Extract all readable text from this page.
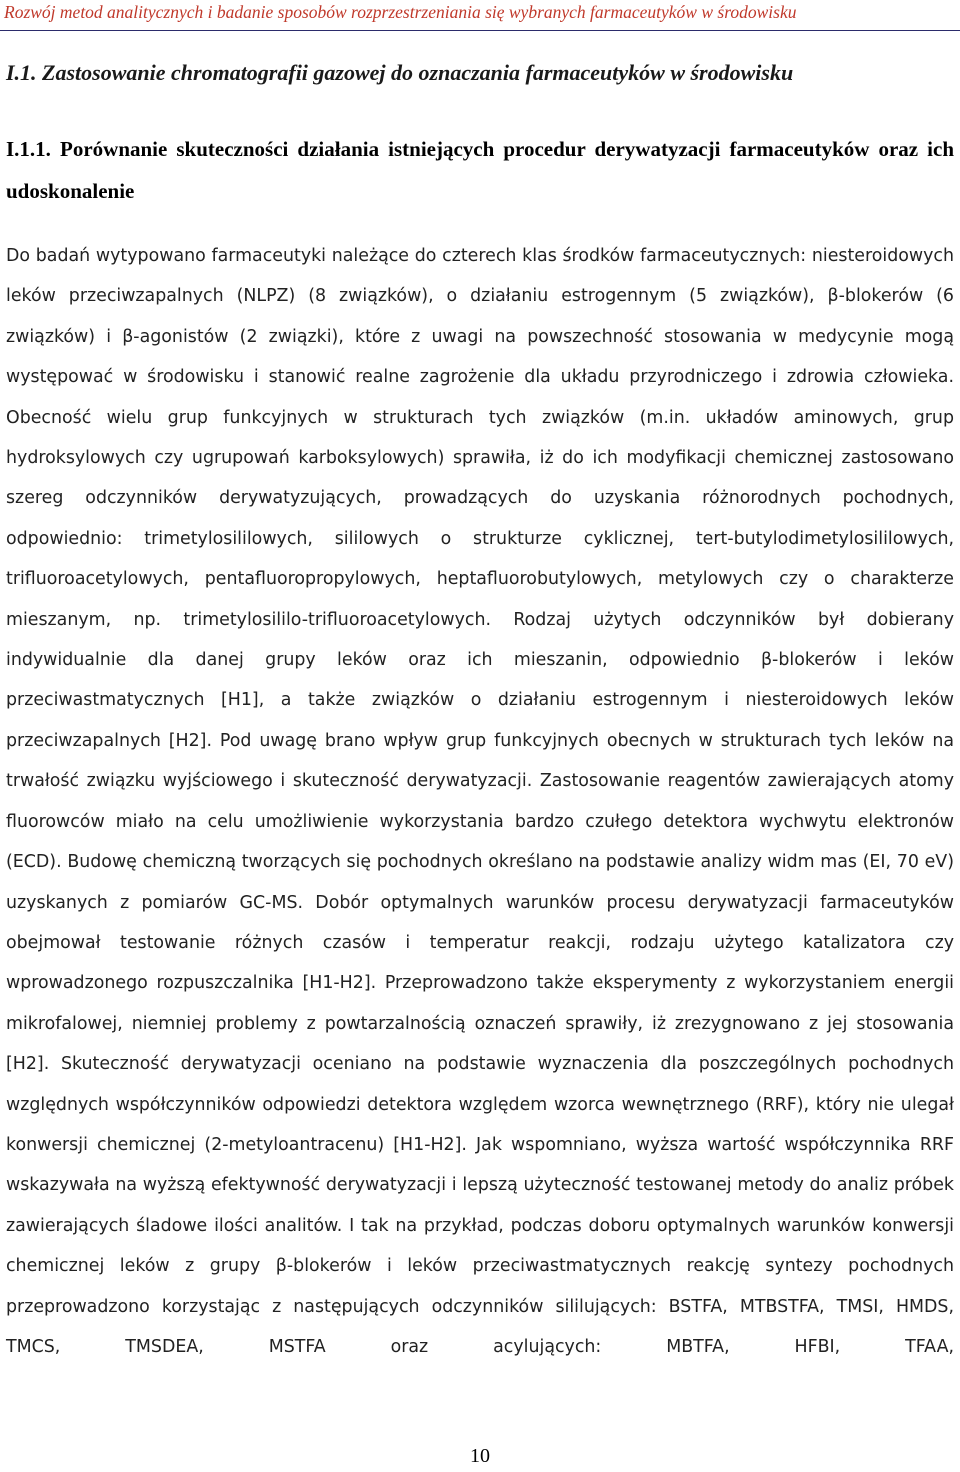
Rozwój metod analitycznych i badanie sposobów rozprzestrzeniania się wybranych farmaceutyków w środowisku
I.1. Zastosowanie chromatografii gazowej do oznaczania farmaceutyków w środowisku
I.1.1. Porównanie skuteczności działania istniejących procedur derywatyzacji farmaceutyków oraz ich udoskonalenie
Do badań wytypowano farmaceutyki należące do czterech klas środków farmaceutycznych: niesteroidowych leków przeciwzapalnych (NLPZ) (8 związków), o działaniu estrogennym (5 związków), β-blokerów (6 związków) i β-agonistów (2 związki), które z uwagi na powszechność stosowania w medycynie mogą występować w środowisku i stanowić realne zagrożenie dla układu przyrodniczego i zdrowia człowieka. Obecność wielu grup funkcyjnych w strukturach tych związków (m.in. układów aminowych, grup hydroksylowych czy ugrupowań karboksylowych) sprawiła, iż do ich modyfikacji chemicznej zastosowano szereg odczynników derywatyzujących, prowadzących do uzyskania różnorodnych pochodnych, odpowiednio: trimetylosililowych, sililowych o strukturze cyklicznej, tert-butylodimetylosililowych, trifluoroacetylowych, pentafluoropropylowych, heptafluorobutylowych, metylowych czy o charakterze mieszanym, np. trimetylosililo-trifluoroacetylowych. Rodzaj użytych odczynników był dobierany indywidualnie dla danej grupy leków oraz ich mieszanin, odpowiednio β-blokerów i leków przeciwastmatycznych [H1], a także związków o działaniu estrogennym i niesteroidowych leków przeciwzapalnych [H2]. Pod uwagę brano wpływ grup funkcyjnych obecnych w strukturach tych leków na trwałość związku wyjściowego i skuteczność derywatyzacji. Zastosowanie reagentów zawierających atomy fluorowców miało na celu umożliwienie wykorzystania bardzo czułego detektora wychwytu elektronów (ECD). Budowę chemiczną tworzących się pochodnych określano na podstawie analizy widm mas (EI, 70 eV) uzyskanych z pomiarów GC-MS. Dobór optymalnych warunków procesu derywatyzacji farmaceutyków obejmował testowanie różnych czasów i temperatur reakcji, rodzaju użytego katalizatora czy wprowadzonego rozpuszczalnika [H1-H2]. Przeprowadzono także eksperymenty z wykorzystaniem energii mikrofalowej, niemniej problemy z powtarzalnością oznaczeń sprawiły, iż zrezygnowano z jej stosowania [H2]. Skuteczność derywatyzacji oceniano na podstawie wyznaczenia dla poszczególnych pochodnych względnych współczynników odpowiedzi detektora względem wzorca wewnętrznego (RRF), który nie ulegał konwersji chemicznej (2-metyloantracenu) [H1-H2]. Jak wspomniano, wyższa wartość współczynnika RRF wskazywała na wyższą efektywność derywatyzacji i lepszą użyteczność testowanej metody do analiz próbek zawierających śladowe ilości analitów. I tak na przykład, podczas doboru optymalnych warunków konwersji chemicznej leków z grupy β-blokerów i leków przeciwastmatycznych reakcję syntezy pochodnych przeprowadzono korzystając z następujących odczynników sililujących: BSTFA, MTBSTFA, TMSI, HMDS, TMCS, TMSDEA, MSTFA oraz acylujących: MBTFA, HFBI, TFAA,
10
